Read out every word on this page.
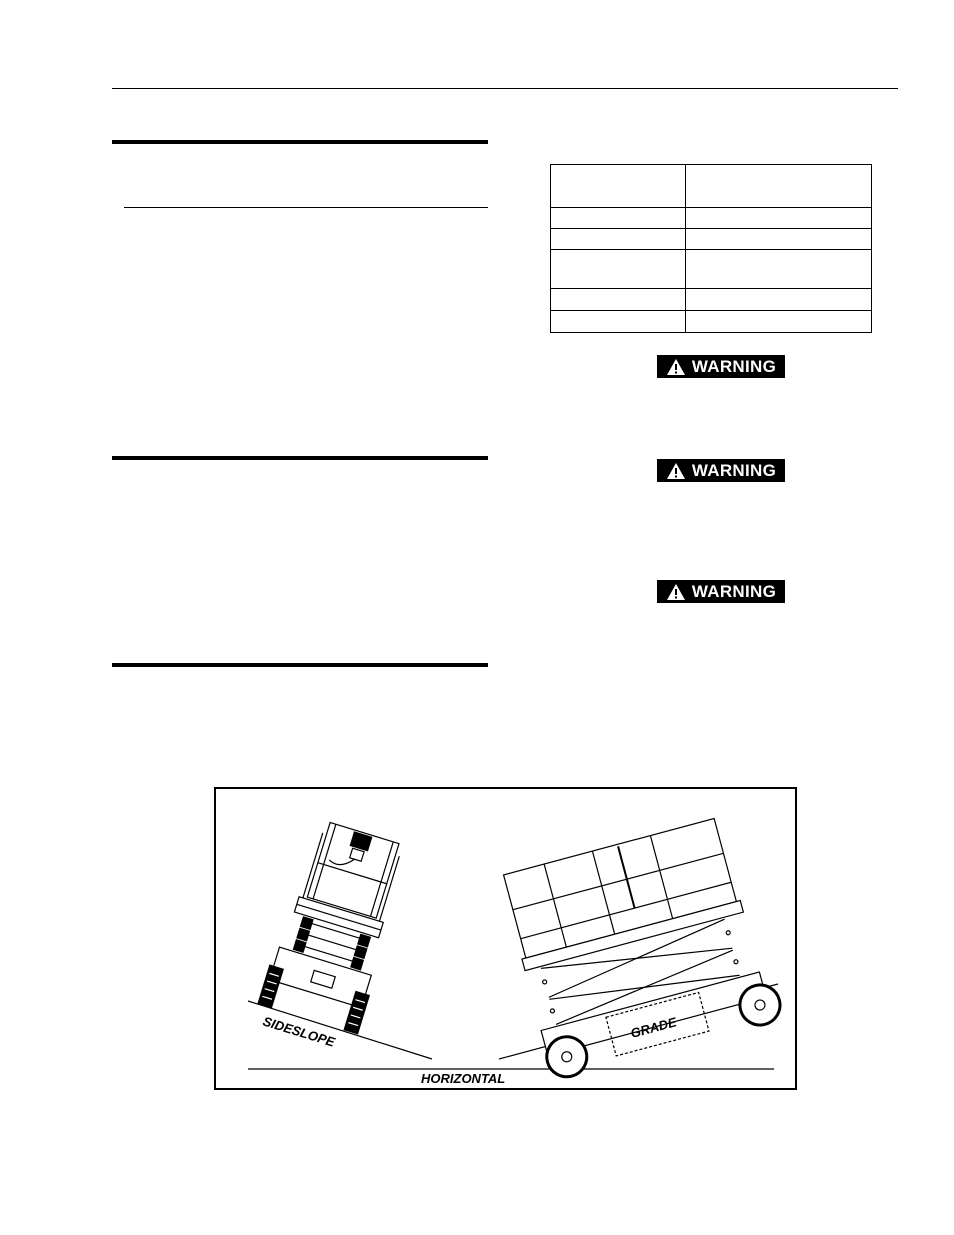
WARNING
WARNING
WARNING
SIDESLOPE	GRADE
HORIZONTAL
